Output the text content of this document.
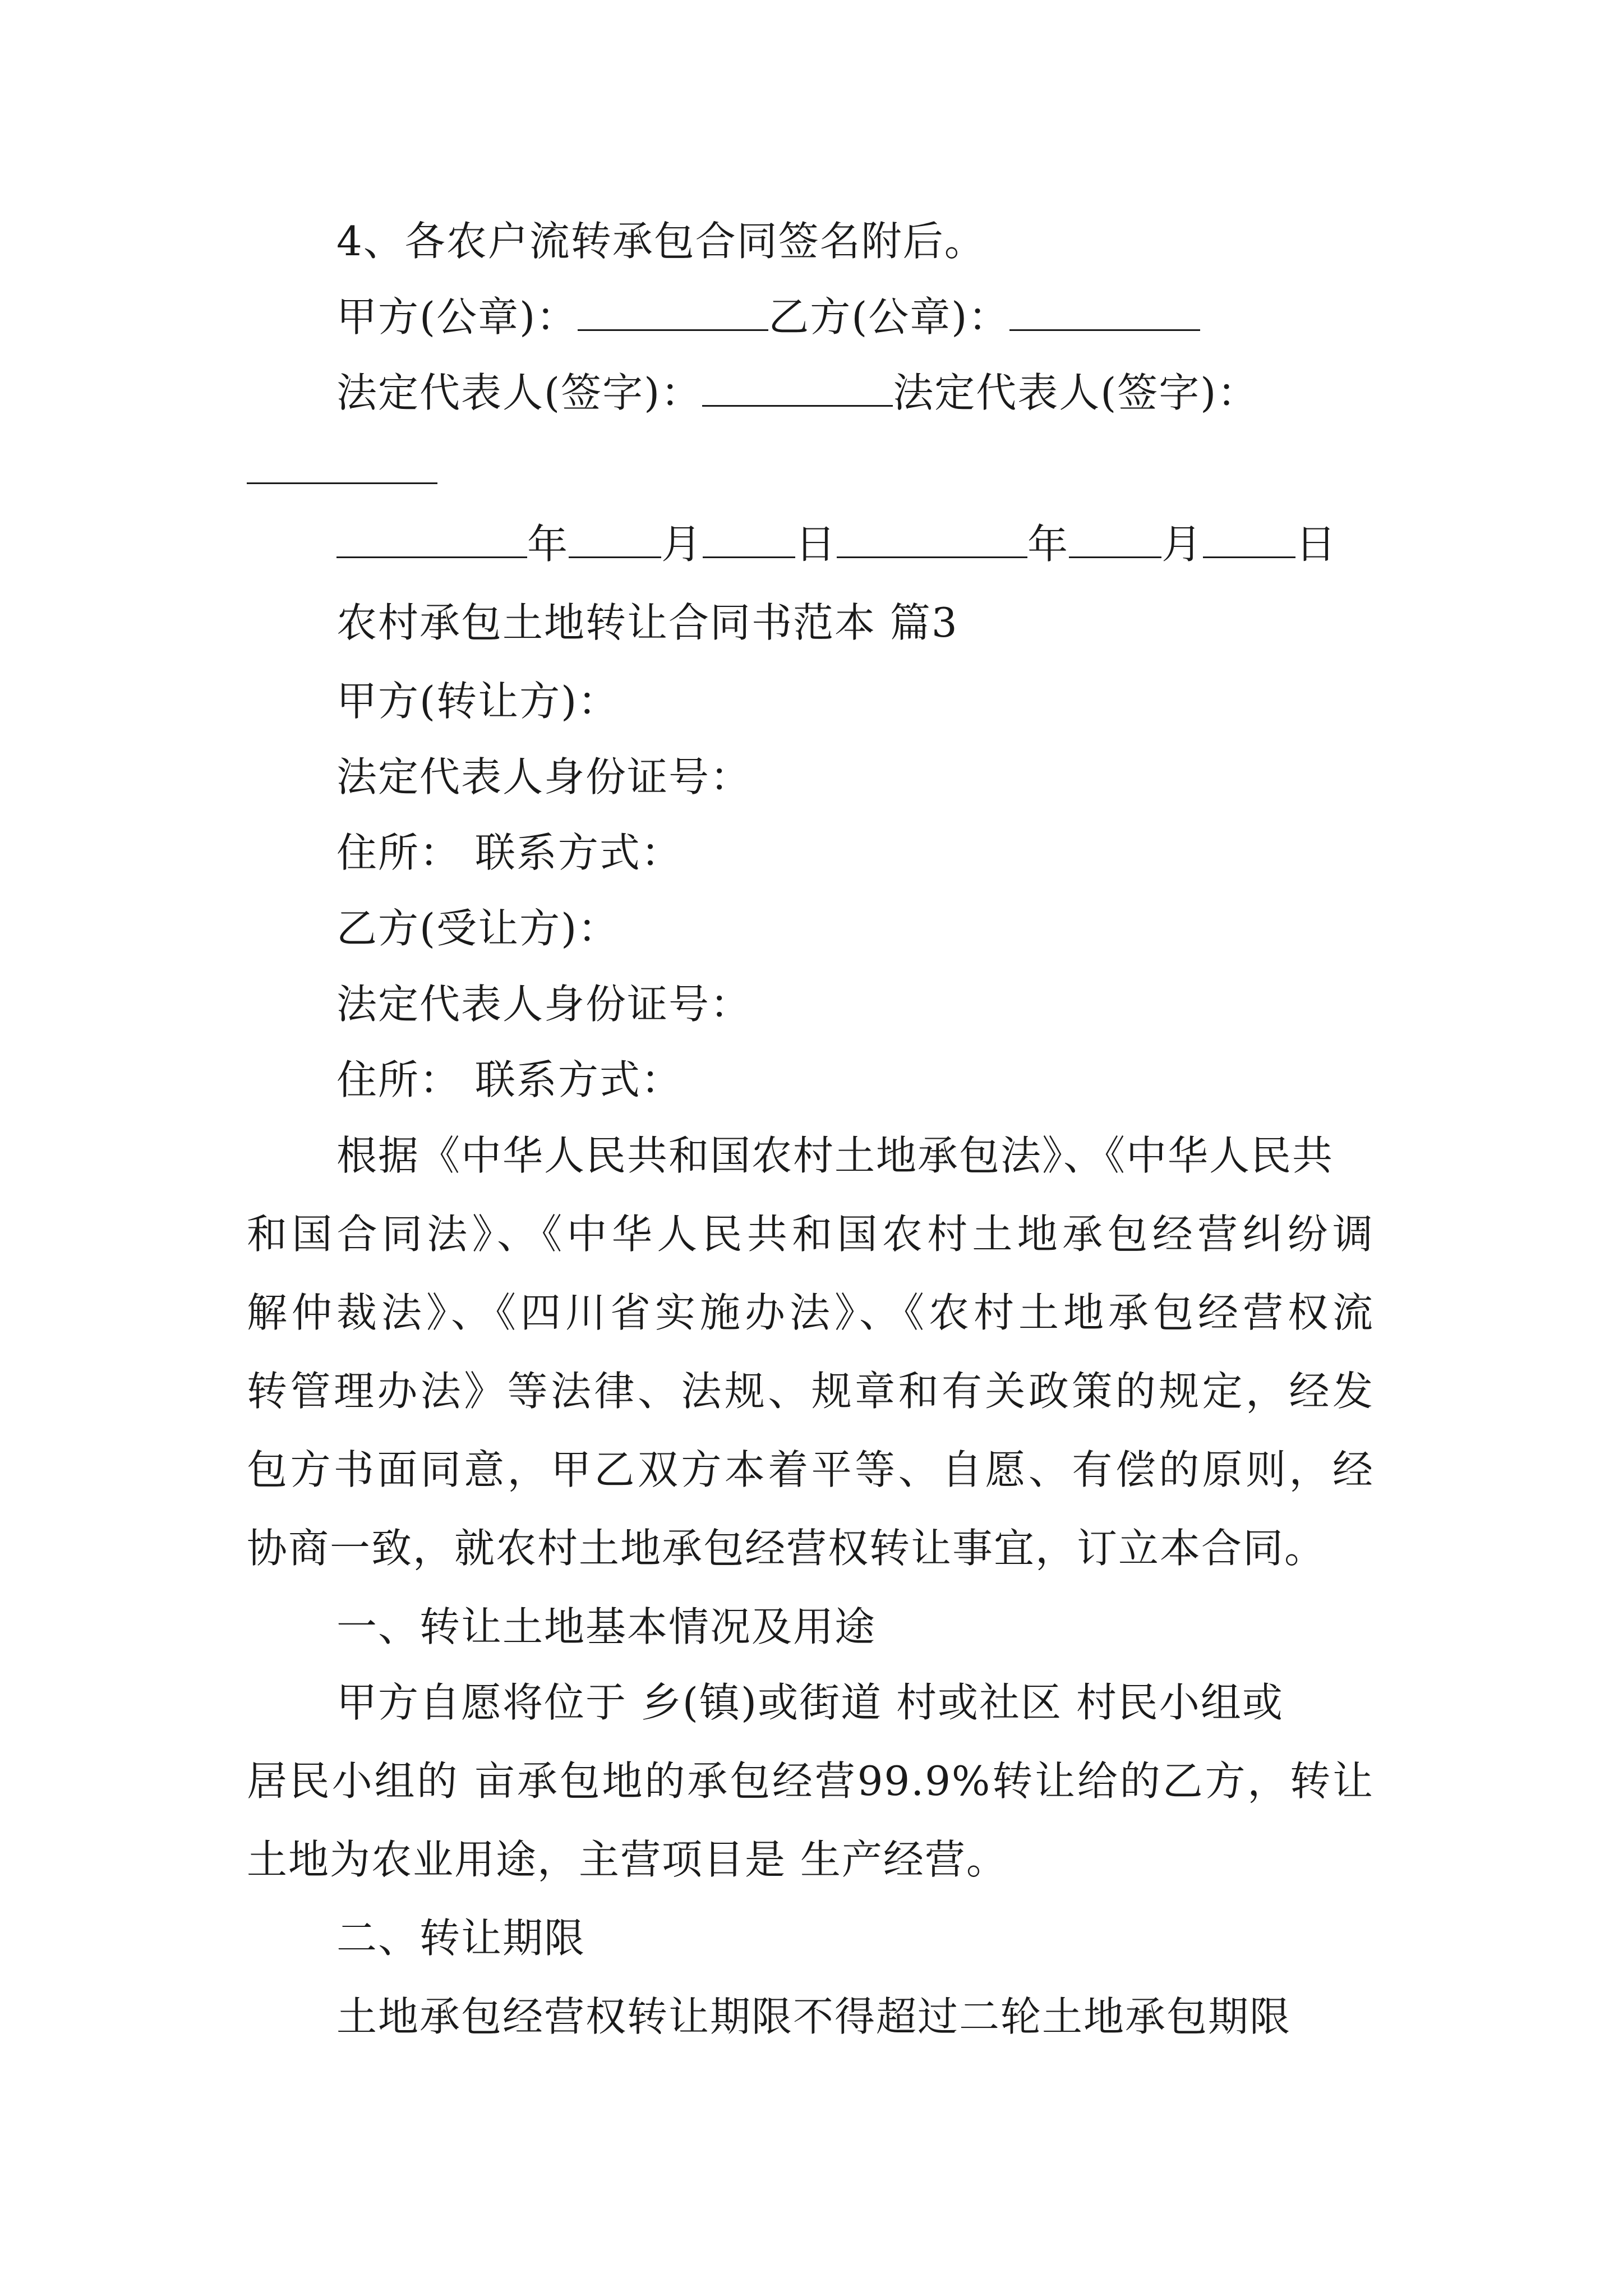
4、各农户流转承包合同签名附后。
甲方(公章)：	乙方(公章)：
法定代表人(签字)：	法定代表人(签字)：
年 月 日	年 月 日
农村承包土地转让合同书范本 篇3
甲方(转让方)：
法定代表人身份证号：
住所： 联系方式：
乙方(受让方)：
法定代表人身份证号：
住所： 联系方式：
根据《中华人民共和国农村土地承包法》、《中华人民共
和国合同法》、《中华人民共和国农村土地承包经营纠纷调
解仲裁法》、《四川省实施办法》、《农村土地承包经营权流
转管理办法》等法律、法规、规章和有关政策的规定，经发
包方书面同意，甲乙双方本着平等、自愿、有偿的原则，经
协商一致，就农村土地承包经营权转让事宜，订立本合同。
一、转让土地基本情况及用途
甲方自愿将位于 乡(镇)或街道 村或社区 村民小组或
居民小组的 亩承包地的承包经营99.9%转让给的乙方，转让
土地为农业用途，主营项目是 生产经营。
二、转让期限
土地承包经营权转让期限不得超过二轮土地承包期限
